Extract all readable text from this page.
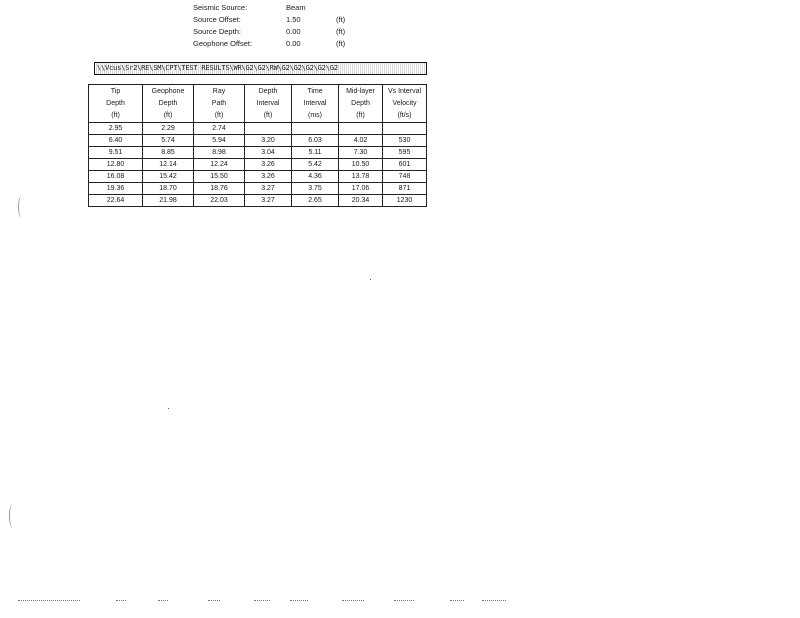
Seismic Source:	Beam
Source Offset:	1.50	(ft)
Source Depth:	0.00	(ft)
Geophone Offset:	0.00	(ft)
\\Vcus\Sr2\RE\SM\CPT\TEST RESULTS\WR\G2\G2\RW\G2\G2\G2\G2\G2
Tip
Depth
(ft)	Geophone
Depth
(ft)	Ray
Path
(ft)	Depth
Interval
(ft)	Time
Interval
(ms)	Mid-layer
Depth
(ft)	Vs Interval
Velocity
(ft/s)

2.95	2.29	2.74				
6.40	5.74	5.94	3.20	6.03	4.02	530
9.51	8.85	8.98	3.04	5.11	7.30	595
12.80	12.14	12.24	3.26	5.42	10.50	601
16.08	15.42	15.50	3.26	4.36	13.78	748
19.36	18.70	18.76	3.27	3.75	17.06	871
22.64	21.98	22.03	3.27	2.65	20.34	1230
